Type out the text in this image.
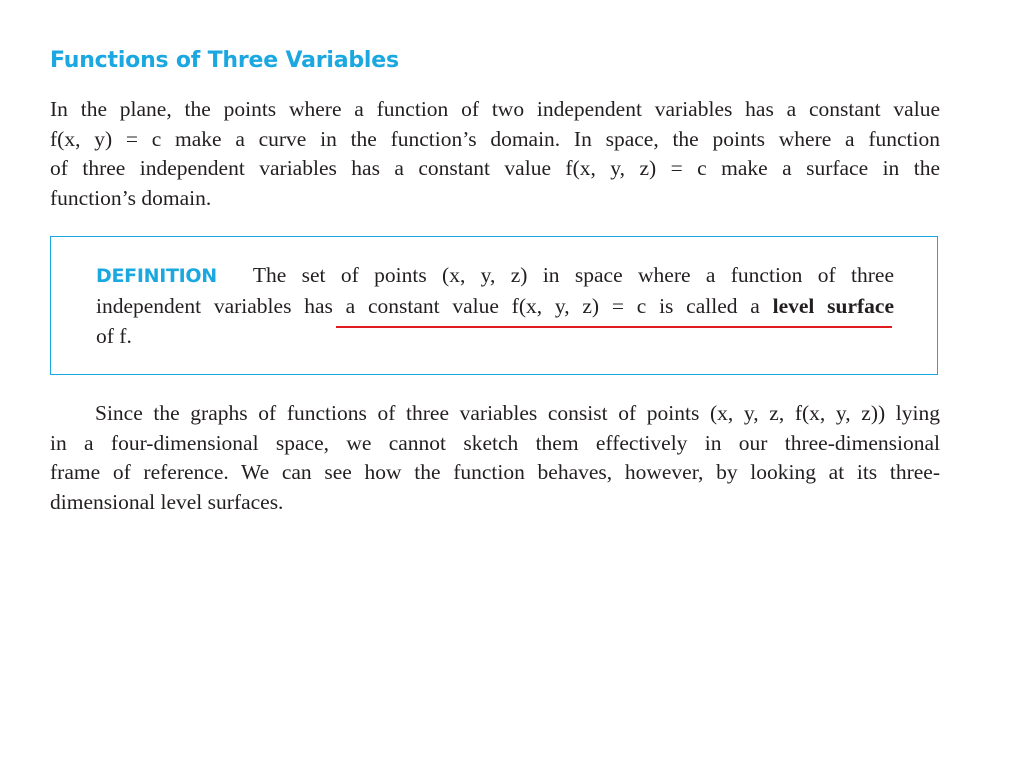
Functions of Three Variables

In the plane, the points where a function of two independent variables has a constant value
f(x, y) = c make a curve in the function’s domain. In space, the points where a function
of three independent variables has a constant value f(x, y, z) = c make a surface in the
function’s domain.

DEFINITION The set of points (x, y, z) in space where a function of three
independent variables has a constant value f(x, y, z) = c is called a level surface
of f.

Since the graphs of functions of three variables consist of points (x, y, z, f(x, y, z)) lying
in a four-dimensional space, we cannot sketch them effectively in our three-dimensional
frame of reference. We can see how the function behaves, however, by looking at its three-
dimensional level surfaces.
